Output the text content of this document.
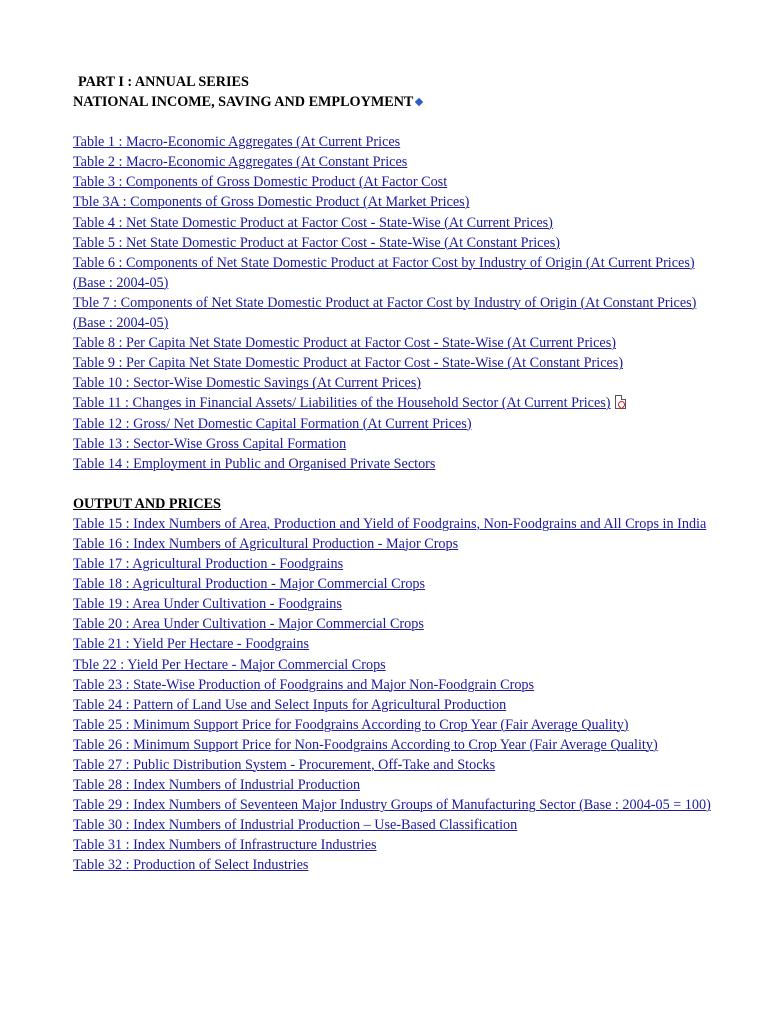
PART I : ANNUAL SERIES
NATIONAL INCOME, SAVING AND EMPLOYMENT
Table 1 : Macro-Economic Aggregates (At Current Prices
Table 2 : Macro-Economic Aggregates (At Constant Prices
Table 3 : Components of Gross Domestic Product (At Factor Cost
Tble 3A : Components of Gross Domestic Product (At Market Prices)
Table 4 : Net State Domestic Product at Factor Cost - State-Wise (At Current Prices)
Table 5 : Net State Domestic Product at Factor Cost - State-Wise (At Constant Prices)
Table 6 : Components of Net State Domestic Product at Factor Cost by Industry of Origin (At Current Prices) (Base : 2004-05)
Tble 7 : Components of Net State Domestic Product at Factor Cost by Industry of Origin (At Constant Prices) (Base : 2004-05)
Table 8 : Per Capita Net State Domestic Product at Factor Cost - State-Wise (At Current Prices)
Table 9 : Per Capita Net State Domestic Product at Factor Cost - State-Wise (At Constant Prices)
Table 10 : Sector-Wise Domestic Savings (At Current Prices)
Table 11 : Changes in Financial Assets/ Liabilities of the Household Sector (At Current Prices)
Table 12 : Gross/ Net Domestic Capital Formation (At Current Prices)
Table 13 : Sector-Wise Gross Capital Formation
Table 14 : Employment in Public and Organised Private Sectors
OUTPUT AND PRICES
Table 15 : Index Numbers of Area, Production and Yield of Foodgrains, Non-Foodgrains and All Crops in India
Table 16 : Index Numbers of Agricultural Production - Major Crops
Table 17 : Agricultural Production - Foodgrains
Table 18 : Agricultural Production - Major Commercial Crops
Table 19 : Area Under Cultivation - Foodgrains
Table 20 : Area Under Cultivation - Major Commercial Crops
Table 21 : Yield Per Hectare - Foodgrains
Tble 22 : Yield Per Hectare - Major Commercial Crops
Table 23 : State-Wise Production of Foodgrains and Major Non-Foodgrain Crops
Table 24 : Pattern of Land Use and Select Inputs for Agricultural Production
Table 25 : Minimum Support Price for Foodgrains According to Crop Year (Fair Average Quality)
Table 26 : Minimum Support Price for Non-Foodgrains According to Crop Year (Fair Average Quality)
Table 27 : Public Distribution System - Procurement, Off-Take and Stocks
Table 28 : Index Numbers of Industrial Production
Table 29 : Index Numbers of Seventeen Major Industry Groups of Manufacturing Sector (Base : 2004-05 = 100)
Table 30 : Index Numbers of Industrial Production – Use-Based Classification
Table 31 : Index Numbers of Infrastructure Industries
Table 32 : Production of Select Industries
